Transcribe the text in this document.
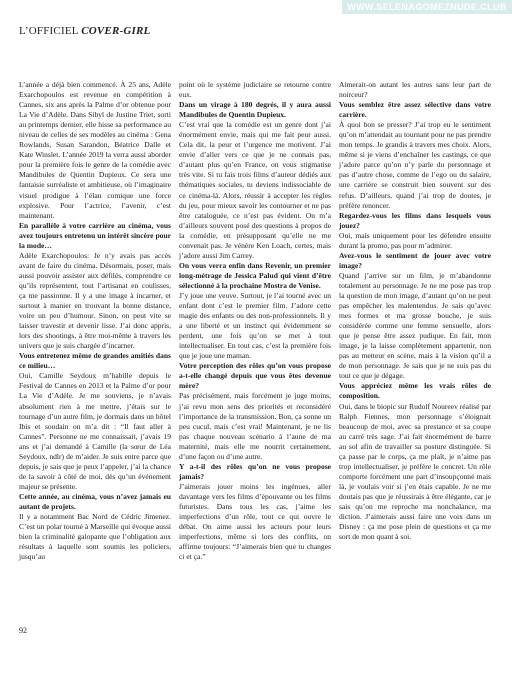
WWW.SELENAGOMEZNUDE.CLUB
L’OFFICIEL COVER-GIRL

L’année a déjà bien commencé. À 25 ans, Adèle Exarchopoulos est revenue en compétition à Cannes, six ans après la Palme d’or obtenue pour La Vie d’Adèle. Dans Sibyl de Justine Triet, sorti au printemps dernier, elle hisse sa performance au niveau de celles de ses modèles au cinéma : Gena Rowlands, Susan Sarandon, Béatrice Dalle et Kate Winslet. L’année 2019 la verra aussi aborder pour la première fois le genre de la comédie avec Mandibules de Quentin Dupieux. Ce sera une fantaisie surréaliste et ambitieuse, où l’imaginaire visuel prodigue à l’élan comique une force explosive. Pour l’actrice, l’avenir, c’est maintenant.

En parallèle à votre carrière au cinéma, vous avez toujours entretenu un intérêt sincère pour la mode…

Adèle Exarchopoulos: Je n’y avais pas accès avant de faire du cinéma. Désormais, poser, mais aussi pouvoir assister aux défilés, comprendre ce qu’ils représentent, tout l’artisanat en coulisses, ça me passionne. Il y a une image à incarner, et surtout à manier en trouvant la bonne distance, voire un peu d’humour. Sinon, on peut vite se laisser travestir et devenir lisse. J’ai donc appris, lors des shootings, à être moi-même à travers les univers que je suis chargée d’incarner.

Vous entretenez même de grandes amitiés dans ce milieu…

Oui, Camille Seydoux m’habille depuis le Festival de Cannes en 2013 et la Palme d’or pour La Vie d’Adèle. Je me souviens, je n’avais absolument rien à me mettre, j’étais sur le tournage d’un autre film, je dormais dans un hôtel Ibis et soudain on m’a dit : “Il faut aller à Cannes”. Personne ne me connaissait, j’avais 19 ans et j’ai demandé à Camille (la sœur de Léa Seydoux, ndlr) de m’aider. Je suis entre parce que depuis, je sais que je peux l’appeler, j’ai la chance de la savoir à côté de moi, dès qu’un événement majeur se présente.

Cette année, au cinéma, vous n’avez jamais eu autant de projets.

Il y a notamment Bac Nord de Cédric Jimenez. C’est un polar tourné à Marseille qui évoque aussi bien la criminalité galopante que l’obligation aux résultats à laquelle sont soumis les policiers, jusqu’au

point où le système judiciaire se retourne contre eux.

Dans un virage à 180 degrés, il y aura aussi Mandibules de Quentin Dupieux.

C’est vrai que la comédie est un genre dont j’ai énormément envie, mais qui me fait peur aussi. Cela dit, la peur et l’urgence me motivent. J’ai envie d’aller vers ce que je ne connais pas, d’autant plus qu’en France, on vous stigmatise très vite. Si tu fais trois films d’auteur dédiés aux thématiques sociales, tu deviens indissociable de ce cinéma-là. Alors, réussir à accepter les règles du jeu, pour mieux savoir les contourner et ne pas être cataloguée, ce n’est pas évident. On m’a d’ailleurs souvent posé des questions à propos de la comédie, en présupposant qu’elle ne me convenait pas. Je vénère Ken Loach, certes, mais j’adore aussi Jim Carrey.

On vous verra enfin dans Revenir, un premier long-métrage de Jessica Palud qui vient d’être sélectionné à la prochaine Mostra de Venise.

J’y joue une veuve. Surtout, je l’ai tourné avec un enfant dont c’est le premier film. J’adore cette magie des enfants ou des non-professionnels. Il y a une liberté et un instinct qui évidemment se perdent, une fois qu’on se met à tout intellectualiser. En tout cas, c’est la première fois que je joue une maman.

Votre perception des rôles qu’on vous propose a-t-elle changé depuis que vous êtes devenue mère?

Pas précisément, mais forcément je juge moins, j’ai revu mon sens des priorités et reconsidéré l’importance de la transmission. Bon, ça sonne un peu cucul, mais c’est vrai! Maintenant, je ne lis pas chaque nouveau scénario à l’aune de ma maternité, mais elle me nourrit certainement, d’une façon ou d’une autre.

Y a-t-il des rôles qu’on ne vous propose jamais?

J’aimerais jouer moins les ingénues, aller davantage vers les films d’épouvante ou les films futuristes. Dans tous les cas, j’aime les imperfections d’un rôle, tout ce qui ouvre le débat. On aime aussi les acteurs pour leurs imperfections, même si lors des conflits, on affirme toujours: “J’aimerais bien que tu changes ci et ça.”

Aimerait-on autant les autres sans leur part de noirceur?

Vous semblez être assez sélective dans votre carrière.

À quoi bon se presser? J’ai trop eu le sentiment qu’on m’attendait au tournant pour ne pas prendre mon temps. Je grandis à travers mes choix. Alors, même si je viens d’enchaîner les castings, ce que j’adore parce qu’on n’y parle du personnage et pas d’autre chose, comme de l’ego ou du salaire, une carrière se construit bien souvent sur des refus. D’ailleurs, quand j’ai trop de doutes, je préfère renoncer.

Regardez-vous les films dans lesquels vous jouez?

Oui, mais uniquement pour les défendre ensuite durant la promo, pas pour m’admirer.

Avez-vous le sentiment de jouer avec votre image?

Quand j’arrive sur un film, je m’abandonne totalement au personnage. Je ne me pose pas trop la question de mon image, d’autant qu’on ne peut pas empêcher les malentendus. Je sais qu’avec mes formes et ma grosse bouche, je suis considérée comme une femme sensuelle, alors que je pense être assez pudique. En fait, mon image, je la laisse complètement appartenir, non pas au metteur en scène, mais à la vision qu’il a de mon personnage. Je sais que je ne suis pas du tout ce que je dégage.

Vous appréciez même les vrais rôles de composition.

Oui, dans le biopic sur Rudolf Noureev réalisé par Ralph Fiennes, mon personnage s’éloignait beaucoup de moi, avec sa prestance et sa coupe au carré très sage. J’ai fait énormément de barre au sol afin de travailler sa posture distinguée. Si ça passe par le corps, ça me plaît, je n’aime pas trop intellectualiser, je préfère le concret. Un rôle comporte forcément une part d’insoupçonné mais là, je voulais voir si j’en étais capable. Je ne me doutais pas que je réussirais à être élégante, car je sais qu’on me reproche ma nonchalance, ma diction. J’aimerais aussi faire une voix dans un Disney : ça me pose plein de questions et ça me sort de mon quant à soi.

92
